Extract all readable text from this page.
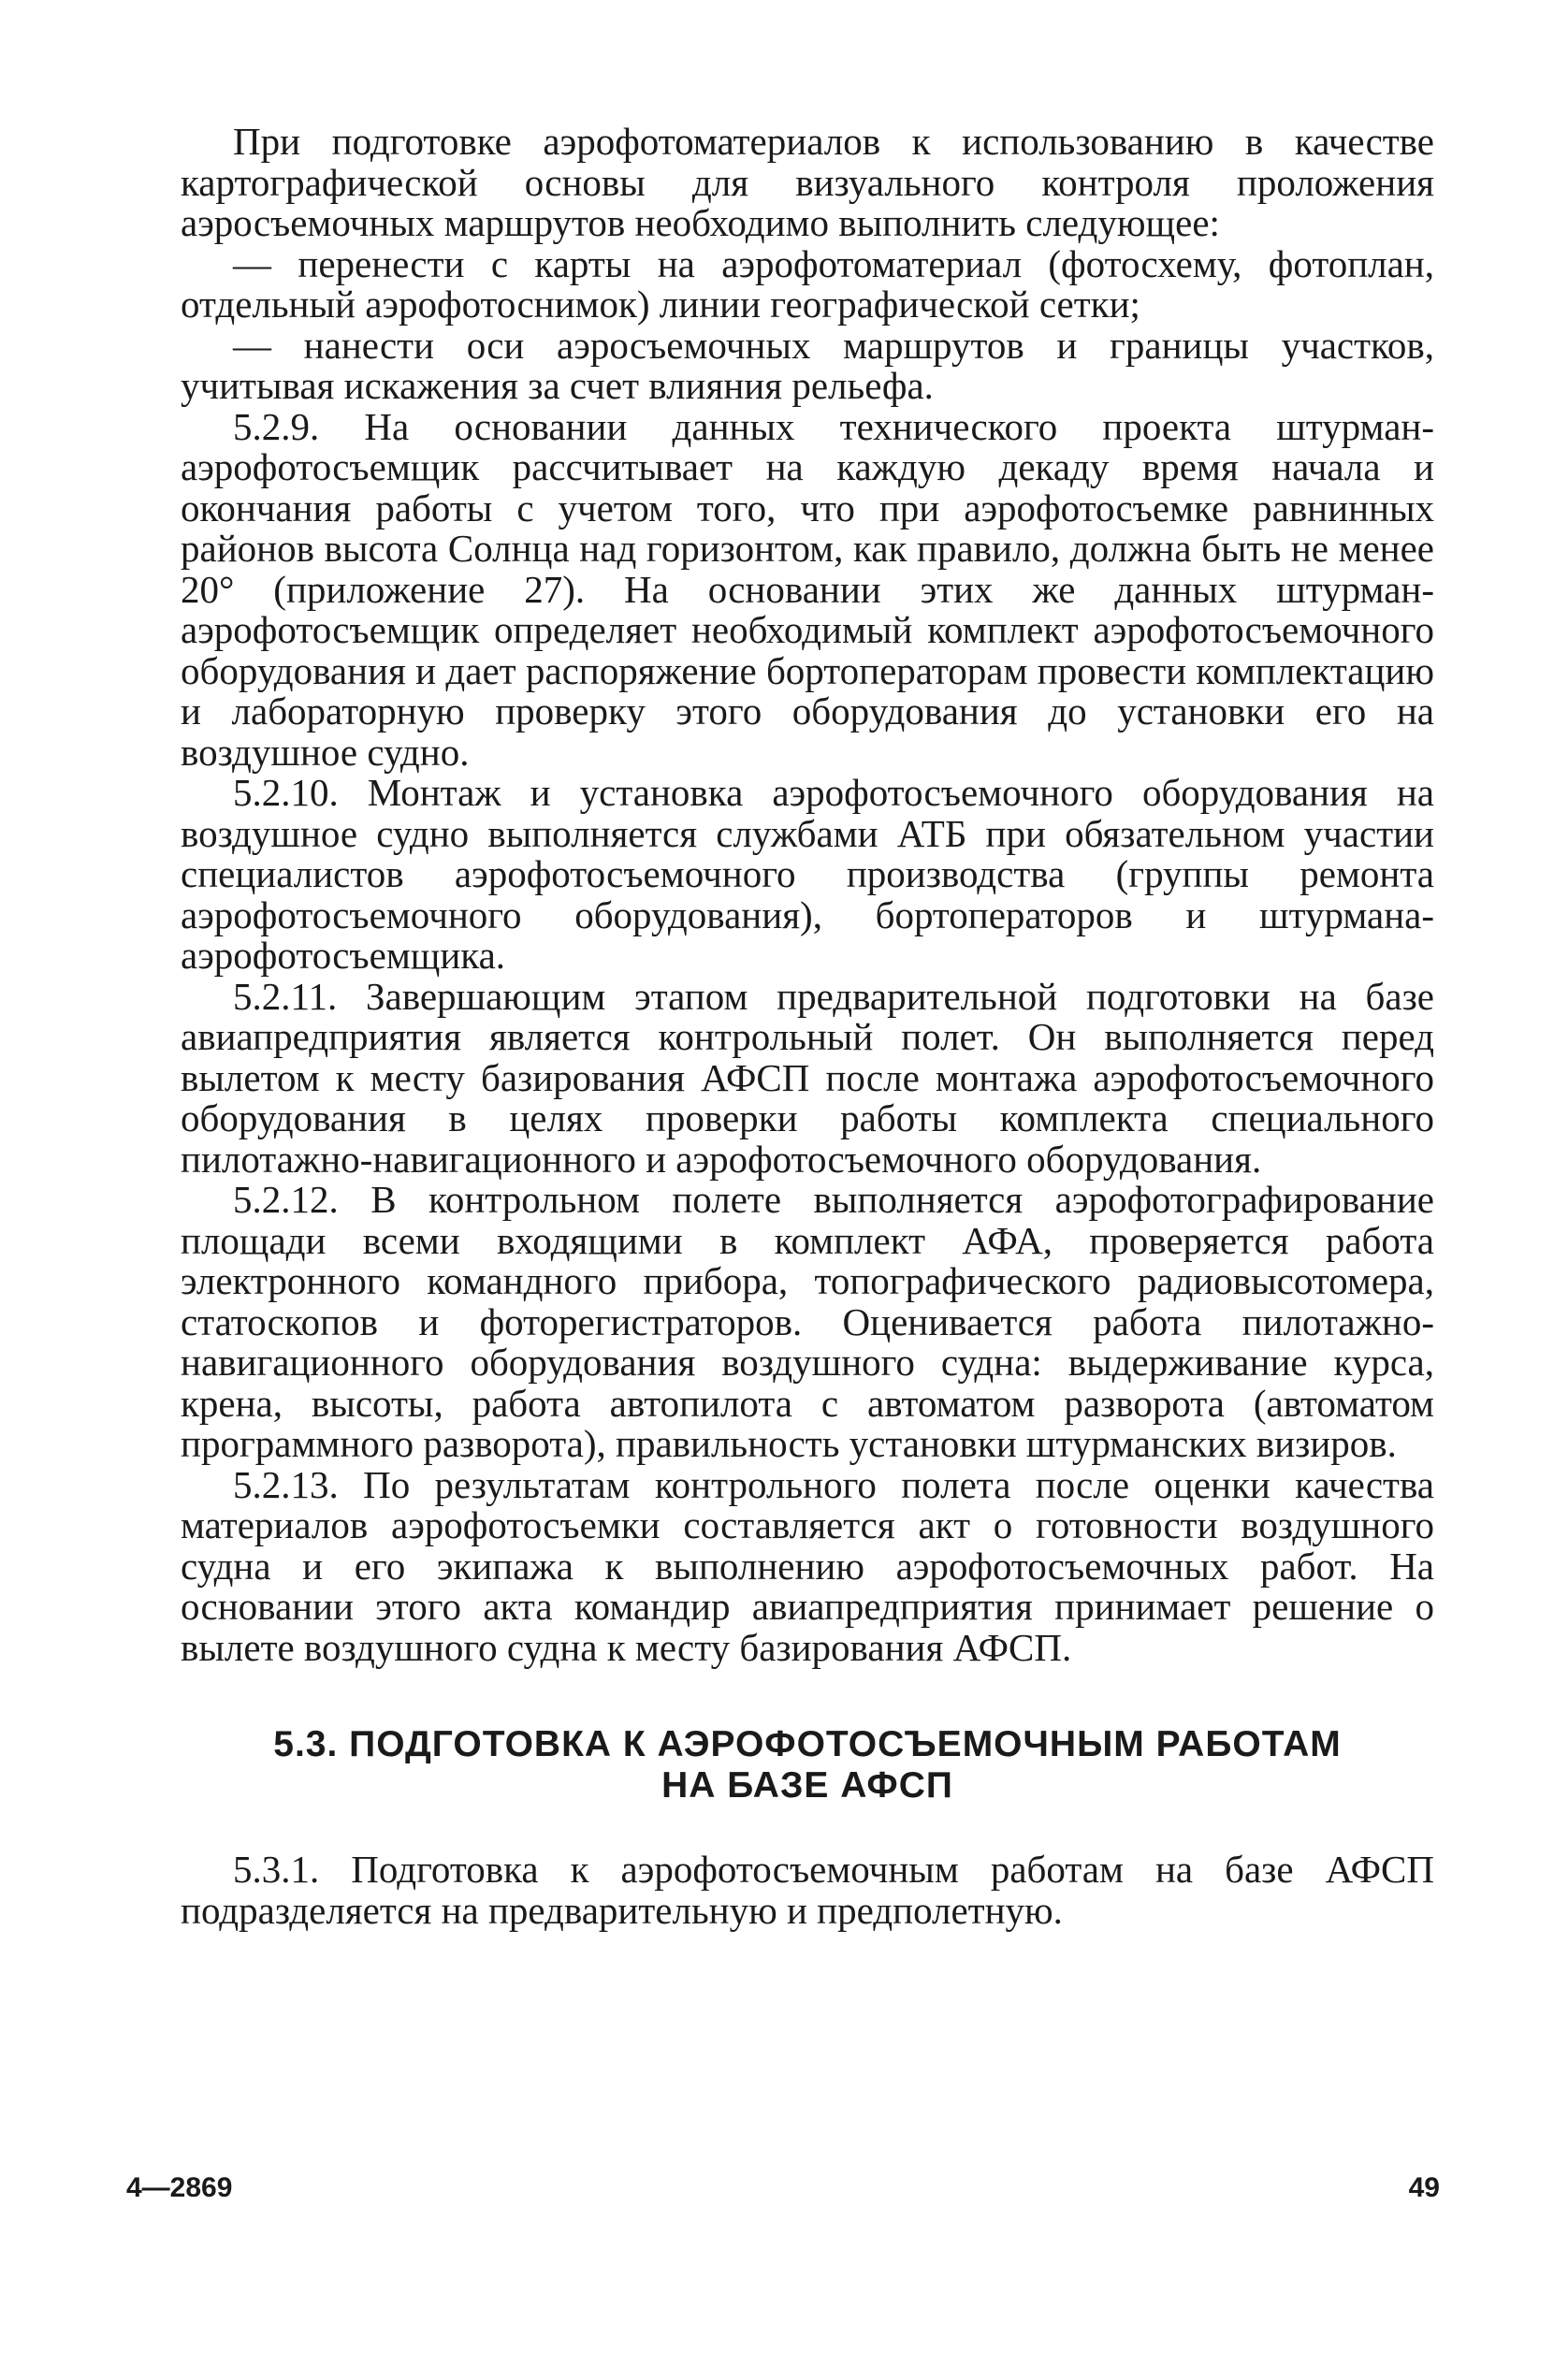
При подготовке аэрофотоматериалов к использованию в качестве картографической основы для визуального контроля проложения аэросъемочных маршрутов необходимо выполнить следующее:

— перенести с карты на аэрофотоматериал (фотосхему, фотоплан, отдельный аэрофотоснимок) линии географической сетки;

— нанести оси аэросъемочных маршрутов и границы участков, учитывая искажения за счет влияния рельефа.

5.2.9. На основании данных технического проекта штурман-аэрофотосъемщик рассчитывает на каждую декаду время начала и окончания работы с учетом того, что при аэрофотосъемке равнинных районов высота Солнца над горизонтом, как правило, должна быть не менее 20° (приложение 27). На основании этих же данных штурман-аэрофотосъемщик определяет необходимый комплект аэрофотосъемочного оборудования и дает распоряжение бортоператорам провести комплектацию и лабораторную проверку этого оборудования до установки его на воздушное судно.

5.2.10. Монтаж и установка аэрофотосъемочного оборудования на воздушное судно выполняется службами АТБ при обязательном участии специалистов аэрофотосъемочного производства (группы ремонта аэрофотосъемочного оборудования), бортоператоров и штурмана-аэрофотосъемщика.

5.2.11. Завершающим этапом предварительной подготовки на базе авиапредприятия является контрольный полет. Он выполняется перед вылетом к месту базирования АФСП после монтажа аэрофотосъемочного оборудования в целях проверки работы комплекта специального пилотажно-навигационного и аэрофотосъемочного оборудования.

5.2.12. В контрольном полете выполняется аэрофотографирование площади всеми входящими в комплект АФА, проверяется работа электронного командного прибора, топографического радиовысотомера, статоскопов и фоторегистраторов. Оценивается работа пилотажно-навигационного оборудования воздушного судна: выдерживание курса, крена, высоты, работа автопилота с автоматом разворота (автоматом программного разворота), правильность установки штурманских визиров.

5.2.13. По результатам контрольного полета после оценки качества материалов аэрофотосъемки составляется акт о готовности воздушного судна и его экипажа к выполнению аэрофотосъемочных работ. На основании этого акта командир авиапредприятия принимает решение о вылете воздушного судна к месту базирования АФСП.

5.3. ПОДГОТОВКА К АЭРОФОТОСЪЕМОЧНЫМ РАБОТАМ
НА БАЗЕ АФСП

5.3.1. Подготовка к аэрофотосъемочным работам на базе АФСП подразделяется на предварительную и предполетную.

4—2869	49
